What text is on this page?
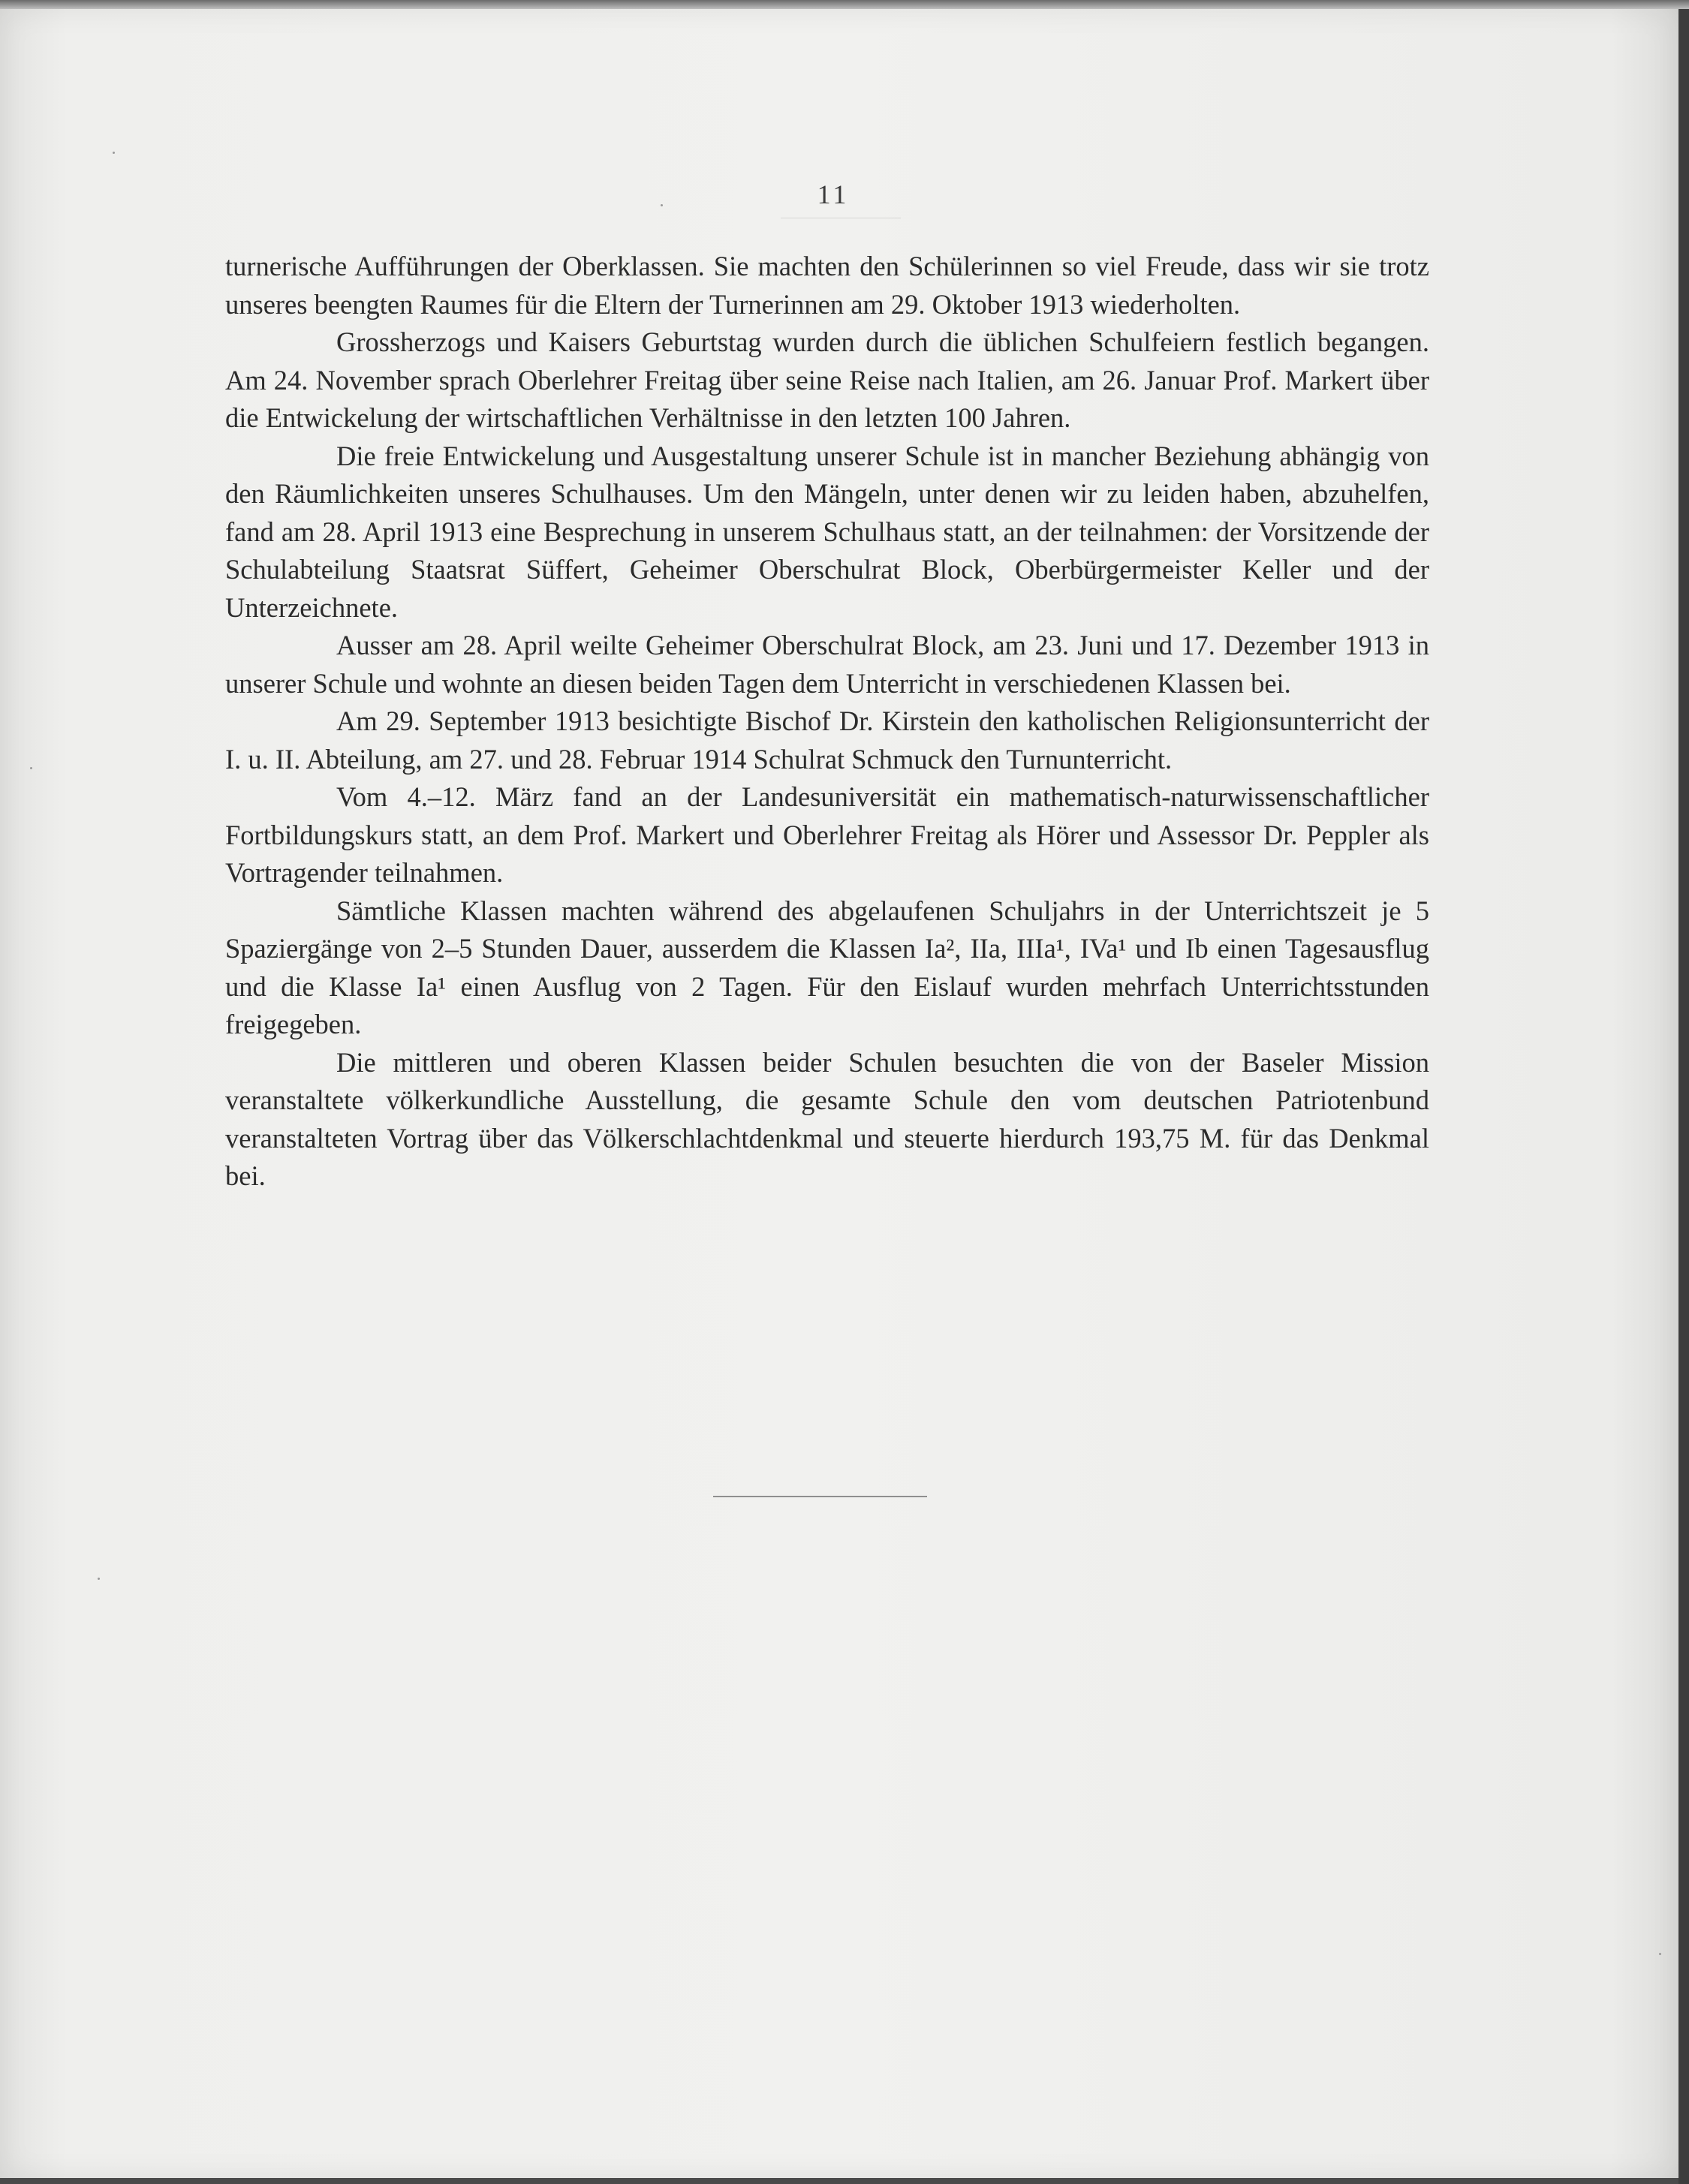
11

turnerische Aufführungen der Oberklassen. Sie machten den Schülerinnen so viel Freude, dass wir sie trotz unseres beengten Raumes für die Eltern der Turnerinnen am 29. Oktober 1913 wiederholten.

Grossherzogs und Kaisers Geburtstag wurden durch die üblichen Schulfeiern festlich begangen. Am 24. November sprach Oberlehrer Freitag über seine Reise nach Italien, am 26. Januar Prof. Markert über die Entwickelung der wirtschaftlichen Verhältnisse in den letzten 100 Jahren.

Die freie Entwickelung und Ausgestaltung unserer Schule ist in mancher Beziehung abhängig von den Räumlichkeiten unseres Schulhauses. Um den Mängeln, unter denen wir zu leiden haben, abzuhelfen, fand am 28. April 1913 eine Besprechung in unserem Schulhaus statt, an der teilnahmen: der Vorsitzende der Schulabteilung Staatsrat Süffert, Geheimer Oberschulrat Block, Oberbürgermeister Keller und der Unterzeichnete.

Ausser am 28. April weilte Geheimer Oberschulrat Block, am 23. Juni und 17. Dezember 1913 in unserer Schule und wohnte an diesen beiden Tagen dem Unterricht in verschiedenen Klassen bei.

Am 29. September 1913 besichtigte Bischof Dr. Kirstein den katholischen Religionsunterricht der I. u. II. Abteilung, am 27. und 28. Februar 1914 Schulrat Schmuck den Turnunterricht.

Vom 4.–12. März fand an der Landesuniversität ein mathematisch-naturwissenschaftlicher Fortbildungskurs statt, an dem Prof. Markert und Oberlehrer Freitag als Hörer und Assessor Dr. Peppler als Vortragender teilnahmen.

Sämtliche Klassen machten während des abgelaufenen Schuljahrs in der Unterrichtszeit je 5 Spaziergänge von 2–5 Stunden Dauer, ausserdem die Klassen Ia², IIa, IIIa¹, IVa¹ und Ib einen Tagesausflug und die Klasse Ia¹ einen Ausflug von 2 Tagen. Für den Eislauf wurden mehrfach Unterrichtsstunden freigegeben.

Die mittleren und oberen Klassen beider Schulen besuchten die von der Baseler Mission veranstaltete völkerkundliche Ausstellung, die gesamte Schule den vom deutschen Patriotenbund veranstalteten Vortrag über das Völkerschlachtdenkmal und steuerte hierdurch 193,75 M. für das Denkmal bei.
